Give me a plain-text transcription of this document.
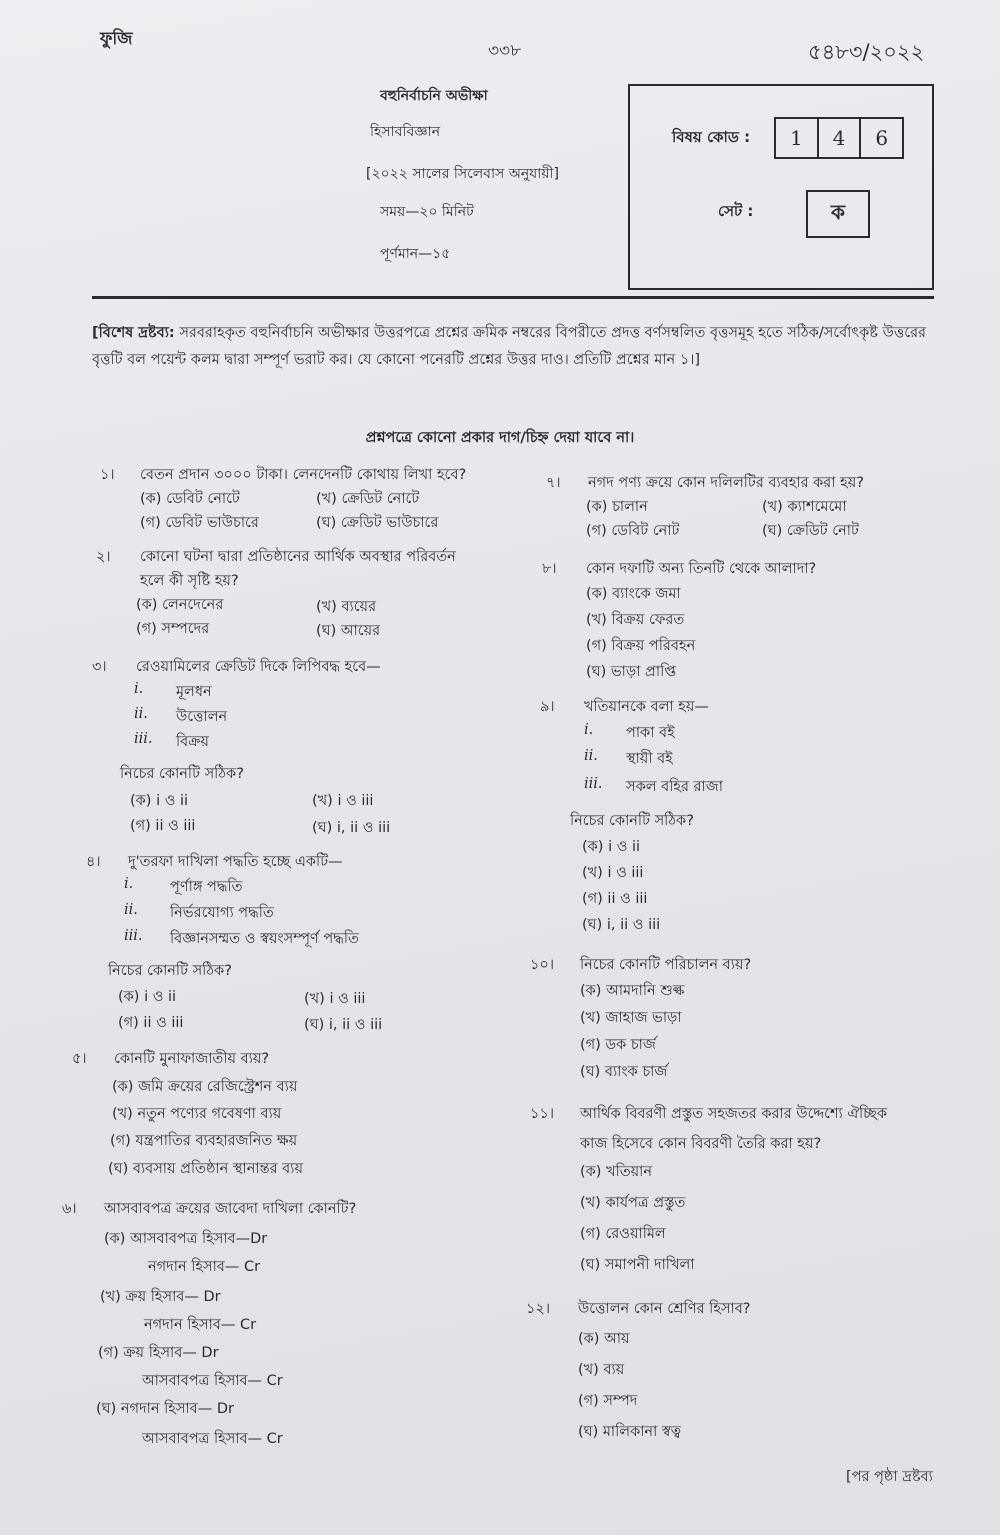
ফুজি
৩৩৮	৫৪৮৩/২০২২
বহুনির্বাচনি অভীক্ষা
হিসাববিজ্ঞান
[২০২২ সালের সিলেবাস অনুযায়ী]
সময়—২০ মিনিট
পূর্ণমান—১৫
বিষয় কোড :	1	4	6
সেট :	ক
[বিশেষ দ্রষ্টব্য: সরবরাহকৃত বহুনির্বাচনি অভীক্ষার উত্তরপত্রে প্রশ্নের ক্রমিক নম্বরের বিপরীতে প্রদত্ত বর্ণসম্বলিত বৃত্তসমূহ হতে সঠিক/সর্বোৎকৃষ্ট উত্তরের বৃত্তটি বল পয়েন্ট কলম দ্বারা সম্পূর্ণ ভরাট কর। যে কোনো পনেরটি প্রশ্নের উত্তর দাও। প্রতিটি প্রশ্নের মান ১।]
প্রশ্নপত্রে কোনো প্রকার দাগ/চিহ্ন দেয়া যাবে না।
১। বেতন প্রদান ৩০০০ টাকা। লেনদেনটি কোথায় লিখা হবে?
(ক) ডেবিট নোটে	(খ) ক্রেডিট নোটে
(গ) ডেবিট ভাউচারে	(ঘ) ক্রেডিট ভাউচারে
২। কোনো ঘটনা দ্বারা প্রতিষ্ঠানের আর্থিক অবস্থার পরিবর্তন
হলে কী সৃষ্টি হয়?
(ক) লেনদেনের	(খ) ব্যয়ের
(গ) সম্পদের	(ঘ) আয়ের
৩। রেওয়ামিলের ক্রেডিট দিকে লিপিবদ্ধ হবে—
i. মূলধন
ii. উত্তোলন
iii. বিক্রয়
নিচের কোনটি সঠিক?
(ক) i ও ii	(খ) i ও iii
(গ) ii ও iii	(ঘ) i, ii ও iii
৪। দু'তরফা দাখিলা পদ্ধতি হচ্ছে একটি—
i.	পূর্ণাঙ্গ পদ্ধতি
ii. নির্ভরযোগ্য পদ্ধতি
iii. বিজ্ঞানসম্মত ও স্বয়ংসম্পূর্ণ পদ্ধতি
নিচের কোনটি সঠিক?
(ক) i ও ii	(খ) i ও iii
(গ) ii ও iii	(ঘ) i, ii ও iii
৫। কোনটি মুনাফাজাতীয় ব্যয়?
(ক) জমি ক্রয়ের রেজিস্ট্রেশন ব্যয়
(খ) নতুন পণ্যের গবেষণা ব্যয়
(গ) যন্ত্রপাতির ব্যবহারজনিত ক্ষয়
(ঘ) ব্যবসায় প্রতিষ্ঠান স্থানান্তর ব্যয়
৬। আসবাবপত্র ক্রয়ের জাবেদা দাখিলা কোনটি?
(ক) আসবাবপত্র হিসাব—Dr
নগদান হিসাব— Cr
(খ) ক্রয় হিসাব— Dr
নগদান হিসাব— Cr
(গ) ক্রয় হিসাব— Dr
আসবাবপত্র হিসাব— Cr
(ঘ) নগদান হিসাব— Dr
আসবাবপত্র হিসাব— Cr
৭। নগদ পণ্য ক্রয়ে কোন দলিলটির ব্যবহার করা হয়?
(ক) চালান	(খ) ক্যাশমেমো
(গ) ডেবিট নোট	(ঘ) ক্রেডিট নোট
৮। কোন দফাটি অন্য তিনটি থেকে আলাদা?
(ক) ব্যাংকে জমা
(খ) বিক্রয় ফেরত
(গ) বিক্রয় পরিবহন
(ঘ) ভাড়া প্রাপ্তি
৯। খতিয়ানকে বলা হয়—
i. পাকা বই
ii. স্থায়ী বই
iii. সকল বহির রাজা
নিচের কোনটি সঠিক?
(ক) i ও ii
(খ) i ও iii
(গ) ii ও iii
(ঘ) i, ii ও iii
১০। নিচের কোনটি পরিচালন ব্যয়?
(ক) আমদানি শুল্ক
(খ) জাহাজ ভাড়া
(গ) ডক চার্জ
(ঘ) ব্যাংক চার্জ
১১। আর্থিক বিবরণী প্রস্তুত সহজতর করার উদ্দেশ্যে ঐচ্ছিক
কাজ হিসেবে কোন বিবরণী তৈরি করা হয়?
(ক) খতিয়ান
(খ) কার্যপত্র প্রস্তুত
(গ) রেওয়ামিল
(ঘ) সমাপনী দাখিলা
১২। উত্তোলন কোন শ্রেণির হিসাব?
(ক) আয়
(খ) ব্যয়
(গ) সম্পদ
(ঘ) মালিকানা স্বত্ব
[পর পৃষ্ঠা দ্রষ্টব্য
